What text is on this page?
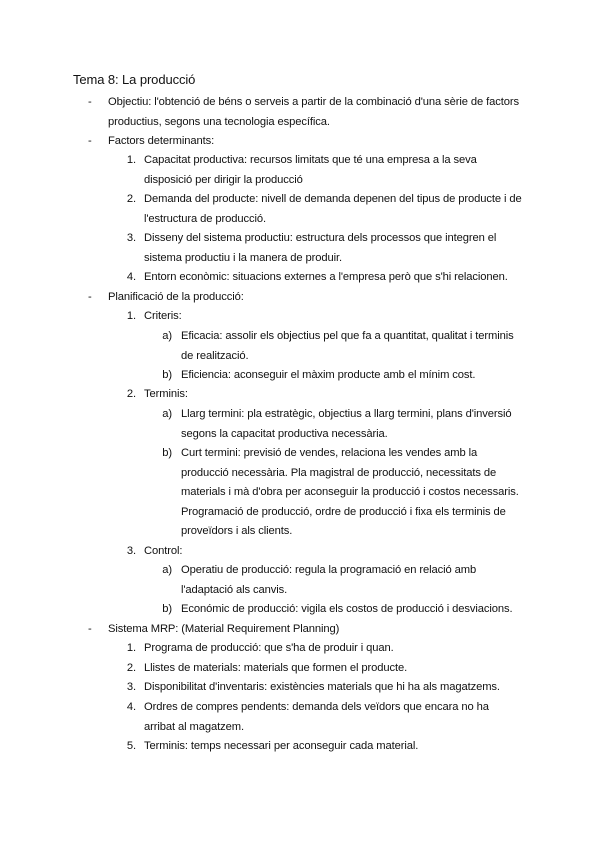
Tema 8: La producció
-	Objectiu: l'obtenció de béns o serveis a partir de la combinació d'una sèrie de factors
productius, segons una tecnologia específica.
-	Factors determinants:
1. Capacitat productiva: recursos limitats que té una empresa a la seva
disposició per dirigir la producció
2. Demanda del producte: nivell de demanda depenen del tipus de producte i de
l'estructura de producció.
3. Disseny del sistema productiu: estructura dels processos que integren el
sistema productiu i la manera de produir.
4. Entorn econòmic: situacions externes a l'empresa però que s'hi relacionen.
-	Planificació de la producció:
1. Criteris:
a) Eficacia: assolir els objectius pel que fa a quantitat, qualitat i terminis
de realització.
b) Eficiencia: aconseguir el màxim producte amb el mínim cost.
2. Terminis:
a) Llarg termini: pla estratègic, objectius a llarg termini, plans d'inversió
segons la capacitat productiva necessària.
b) Curt termini: previsió de vendes, relaciona les vendes amb la
producció necessària. Pla magistral de producció, necessitats de
materials i mà d'obra per aconseguir la producció i costos necessaris.
Programació de producció, ordre de producció i fixa els terminis de
proveïdors i als clients.
3. Control:
a) Operatiu de producció: regula la programació en relació amb
l'adaptació als canvis.
b) Económic de producció: vigila els costos de producció i desviacions.
-	Sistema MRP: (Material Requirement Planning)
1. Programa de producció: que s'ha de produir i quan.
2. Llistes de materials: materials que formen el producte.
3. Disponibilitat d'inventaris: existències materials que hi ha als magatzems.
4. Ordres de compres pendents: demanda dels veïdors que encara no ha
arribat al magatzem.
5. Terminis: temps necessari per aconseguir cada material.
